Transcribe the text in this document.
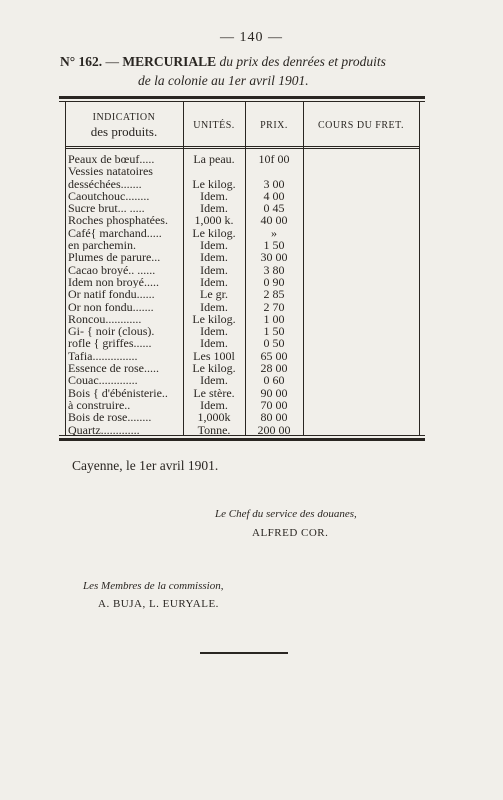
— 140 —
N° 162. — MERCURIALE du prix des denrées et produits
de la colonie au 1er avril 1901.
INDICATION
des produits.	UNITÉS.	PRIX.	COURS DU FRET.
Peaux de bœuf.....	La peau.	10f 00
Vessies natatoires
desséchées.......	Le kilog.	3 00
Caoutchouc........	Idem.	4 00
Sucre brut... .....	Idem.	0 45
Roches phosphatées.	1,000 k.	40 00
Café{ marchand.....	Le kilog.	»
en parchemin.	Idem.	1 50
Plumes de parure...	Idem.	30 00
Cacao broyé.. ......	Idem.	3 80
Idem non broyé.....	Idem.	0 90
Or natif fondu......	Le gr.	2 85
Or non fondu.......	Idem.	2 70
Roncou............	Le kilog.	1 00
Gi- { noir (clous).	Idem.	1 50
rofle { griffes......	Idem.	0 50
Tafia...............	Les 100l	65 00
Essence de rose.....	Le kilog.	28 00
Couac.............	Idem.	0 60
Bois { d'ébénisterie..	Le stère.	90 00
à construire..	Idem.	70 00
Bois de rose........	1,000k	80 00
Quartz.............	Tonne.	200 00
Cayenne, le 1er avril 1901.
Le Chef du service des douanes,
ALFRED COR.
Les Membres de la commission,
A. BUJA, L. EURYALE.
